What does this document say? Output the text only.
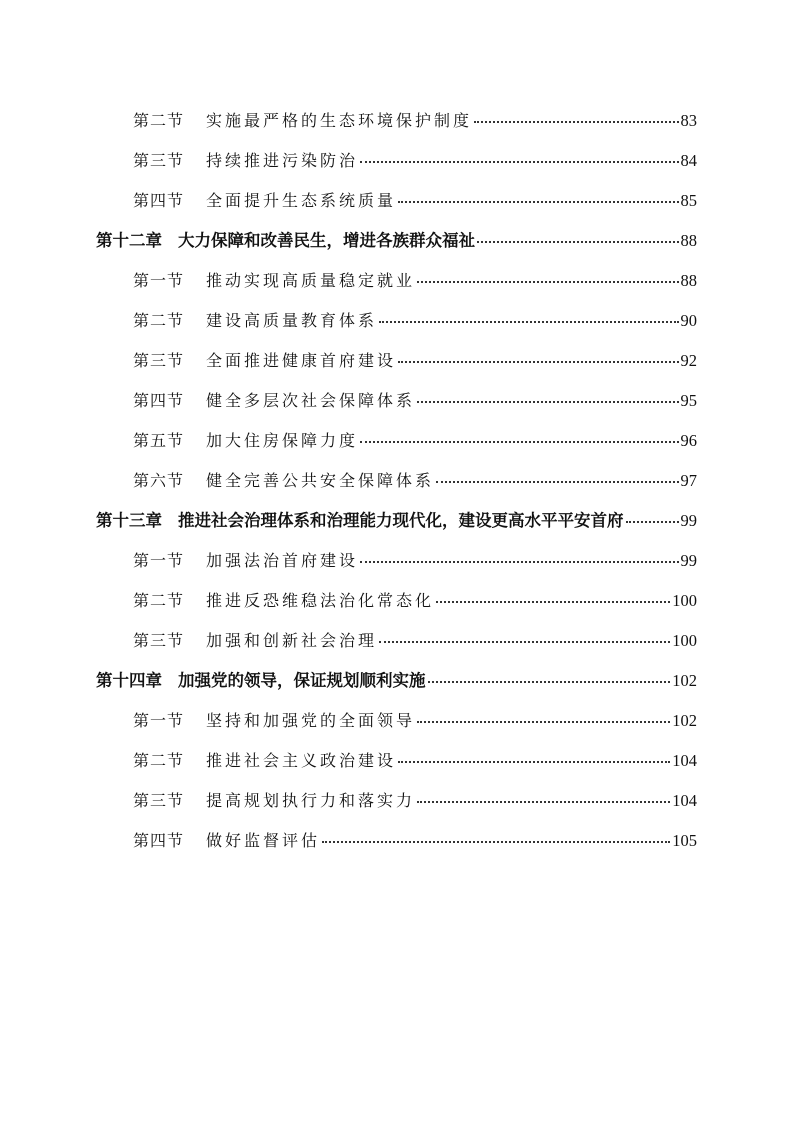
第二节 实施最严格的生态环境保护制度	83
第三节 持续推进污染防治	84
第四节 全面提升生态系统质量	85
第十二章 大力保障和改善民生，增进各族群众福祉	88
第一节 推动实现高质量稳定就业	88
第二节 建设高质量教育体系	90
第三节 全面推进健康首府建设	92
第四节 健全多层次社会保障体系	95
第五节 加大住房保障力度	96
第六节 健全完善公共安全保障体系	97
第十三章 推进社会治理体系和治理能力现代化，建设更高水平平安首府	99
第一节 加强法治首府建设	99
第二节 推进反恐维稳法治化常态化	100
第三节 加强和创新社会治理	100
第十四章 加强党的领导，保证规划顺利实施	102
第一节 坚持和加强党的全面领导	102
第二节 推进社会主义政治建设	104
第三节 提高规划执行力和落实力	104
第四节 做好监督评估	105
